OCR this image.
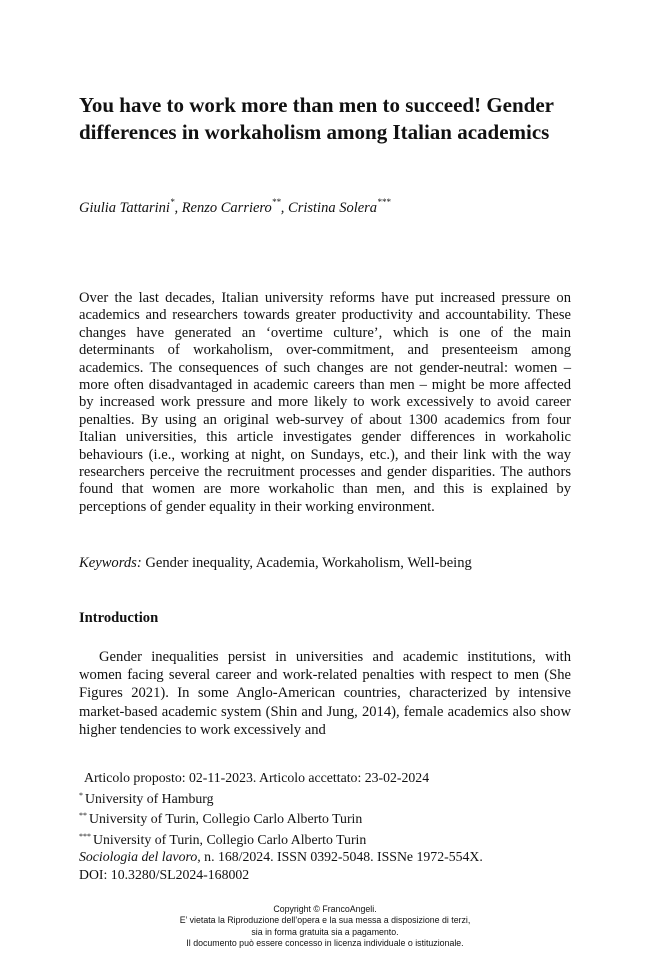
You have to work more than men to succeed! Gender differences in workaholism among Italian academics
Giulia Tattarini*, Renzo Carriero**, Cristina Solera***

Over the last decades, Italian university reforms have put increased pressure on academics and researchers towards greater productivity and accountability. These changes have generated an ‘overtime culture’, which is one of the main determinants of workaholism, over-commitment, and presenteeism among academics. The consequences of such changes are not gender-neutral: women – more often disadvantaged in academic careers than men – might be more affected by increased work pressure and more likely to work excessively to avoid career penalties. By using an original web-survey of about 1300 academics from four Italian universities, this article investigates gender differences in workaholic behaviours (i.e., working at night, on Sundays, etc.), and their link with the way researchers perceive the recruitment processes and gender disparities. The authors found that women are more workaholic than men, and this is explained by perceptions of gender equality in their working environment.

Keywords: Gender inequality, Academia, Workaholism, Well-being
Introduction

Gender inequalities persist in universities and academic institutions, with women facing several career and work-related penalties with respect to men (She Figures 2021). In some Anglo-American countries, characterized by intensive market-based academic system (Shin and Jung, 2014), female academics also show higher tendencies to work excessively and

Articolo proposto: 02-11-2023. Articolo accettato: 23-02-2024
* University of Hamburg
** University of Turin, Collegio Carlo Alberto Turin
*** University of Turin, Collegio Carlo Alberto Turin
Sociologia del lavoro, n. 168/2024. ISSN 0392-5048. ISSNe 1972-554X.
DOI: 10.3280/SL2024-168002
Copyright © FrancoAngeli.
E’ vietata la Riproduzione dell’opera e la sua messa a disposizione di terzi,
sia in forma gratuita sia a pagamento.
Il documento può essere concesso in licenza individuale o istituzionale.
